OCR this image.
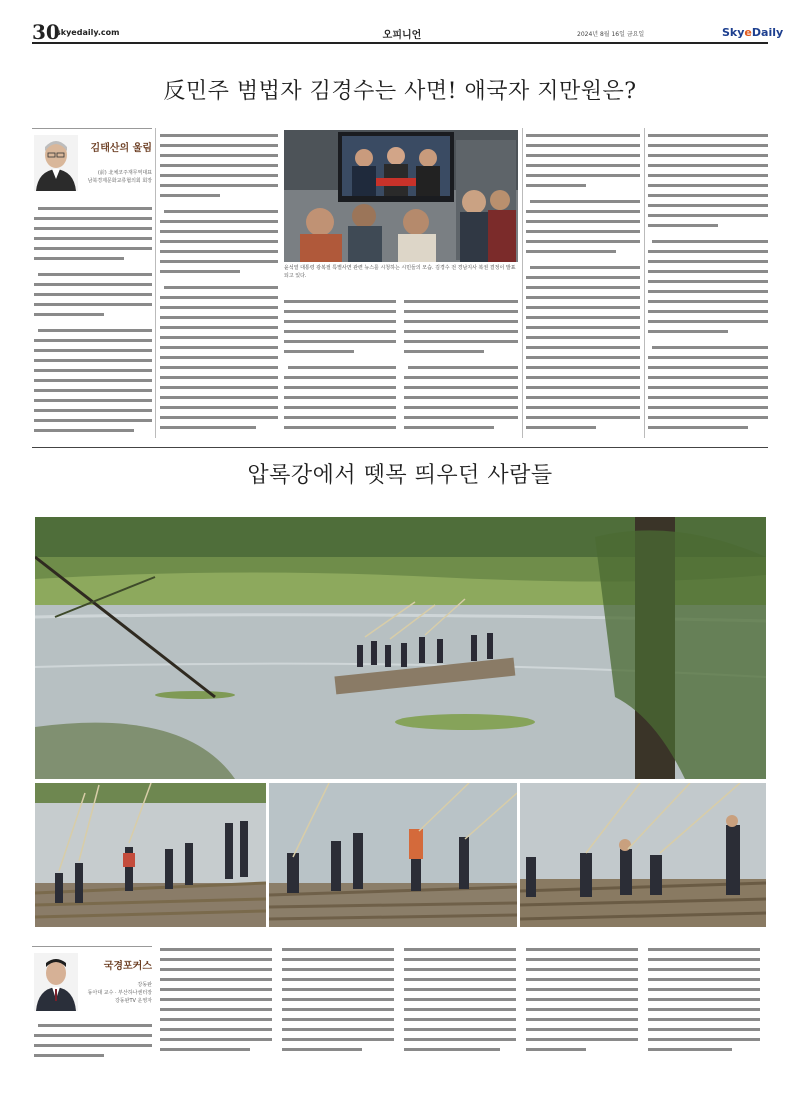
30
skyedaily.com	오피니언	2024년 8월 16일 금요일	SkyeDaily
反민주 범법자 김경수는 사면! 애국자 지만원은?
김태산의 울림
(前) 北체코주재무역대표
남북경제문화교류협의회 회장
윤석열 대통령 광복절 특별사면 관련 뉴스를 시청하는 시민들의 모습. 김경수 전 경남지사 복권 결정이 발표되고 있다.
압록강에서 뗏목 띄우던 사람들
국경포커스
강동완
동아대 교수 · 부산하나센터장
강동완TV 운영자
